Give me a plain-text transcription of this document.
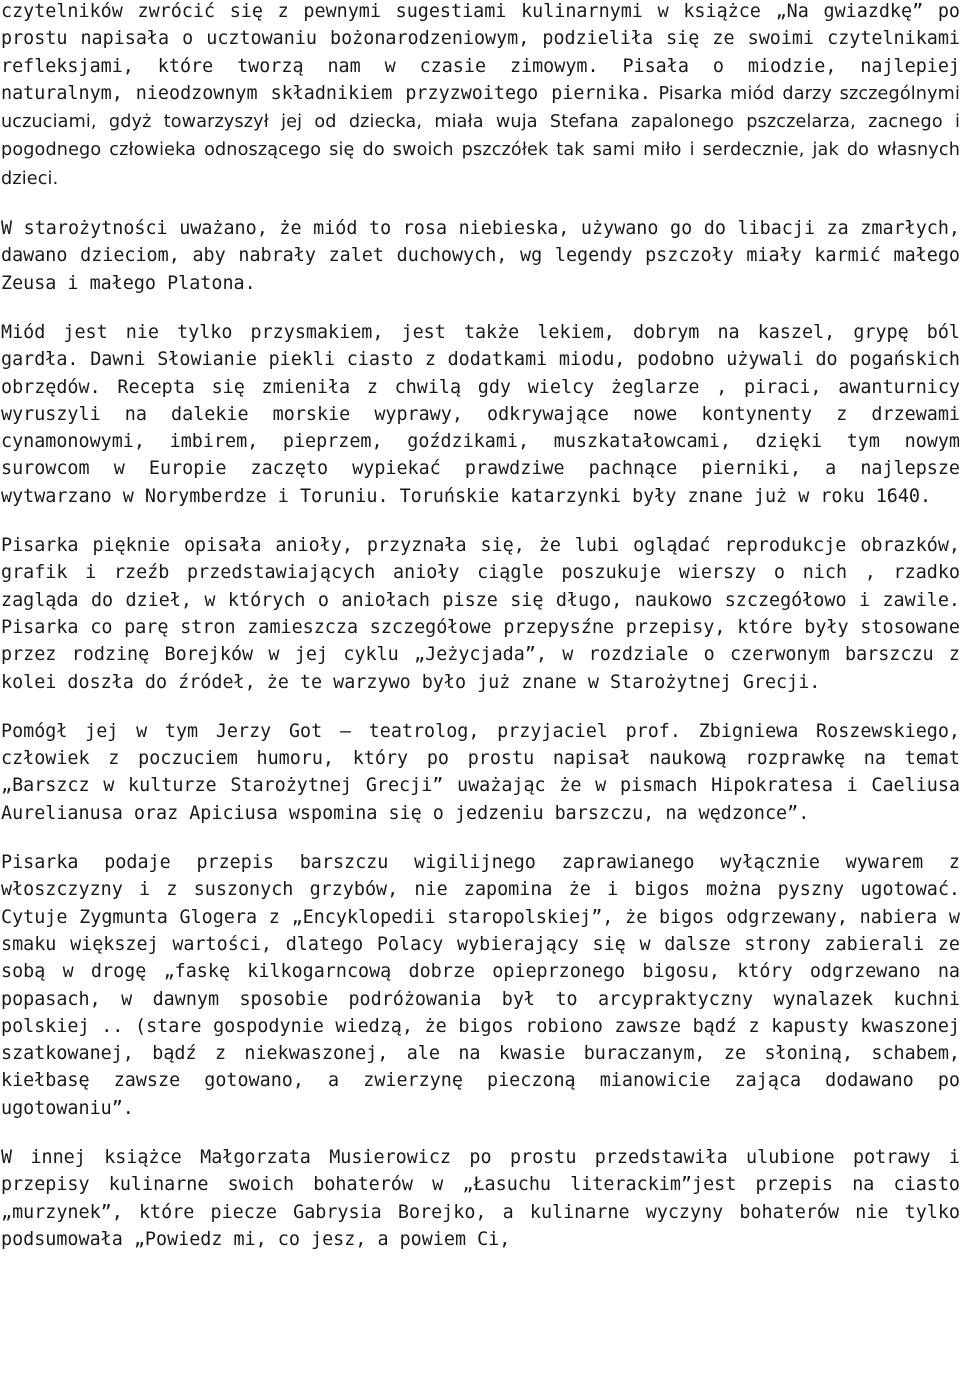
czytelników zwrócić się z pewnymi sugestiami kulinarnymi w książce „Na gwiazdkę” po prostu napisała o ucztowaniu bożonarodzeniowym, podzieliła się ze swoimi czytelnikami refleksjami, które tworzą nam w czasie zimowym. Pisała o miodzie, najlepiej naturalnym, nieodzownym składnikiem przyzwoitego piernika. Pisarka miód darzy szczególnymi uczuciami, gdyż towarzyszył jej od dziecka, miała wuja Stefana zapalonego pszczelarza, zacnego i pogodnego człowieka odnoszącego się do swoich pszczółek tak sami miło i serdecznie, jak do własnych dzieci.

W starożytności uważano, że miód to rosa niebieska, używano go do libacji za zmarłych, dawano dzieciom, aby nabrały zalet duchowych, wg legendy pszczoły miały karmić małego Zeusa i małego Platona.

Miód jest nie tylko przysmakiem, jest także lekiem, dobrym na kaszel, grypę ból gardła. Dawni Słowianie piekli ciasto z dodatkami miodu, podobno używali do pogańskich obrzędów. Recepta się zmieniła z chwilą gdy wielcy żeglarze , piraci, awanturnicy wyruszyli na dalekie morskie wyprawy, odkrywające nowe kontynenty z drzewami cynamonowymi, imbirem, pieprzem, goździkami, muszkatałowcami, dzięki tym nowym surowcom w Europie zaczęto wypiekać prawdziwe pachnące pierniki, a najlepsze wytwarzano w Norymberdze i Toruniu. Toruńskie katarzynki były znane już w roku 1640.

Pisarka pięknie opisała anioły, przyznała się, że lubi oglądać reprodukcje obrazków, grafik i rzeźb przedstawiających anioły ciągle poszukuje wierszy o nich , rzadko zagląda do dzieł, w których o aniołach pisze się długo, naukowo szczegółowo i zawile. Pisarka co parę stron zamieszcza szczegółowe przepysźne przepisy, które były stosowane przez rodzinę Borejków w jej cyklu „Jeżycjada”, w rozdziale o czerwonym barszczu z kolei doszła do źródeł, że te warzywo było już znane w Starożytnej Grecji.

Pomógł jej w tym Jerzy Got – teatrolog, przyjaciel prof. Zbigniewa Roszewskiego, człowiek z poczuciem humoru, który po prostu napisał naukową rozprawkę na temat „Barszcz w kulturze Starożytnej Grecji” uważając że w pismach Hipokratesa i Caeliusa Aurelianusa oraz Apiciusa wspomina się o jedzeniu barszczu, na wędzonce”.

Pisarka podaje przepis barszczu wigilijnego zaprawianego wyłącznie wywarem z włoszczyzny i z suszonych grzybów, nie zapomina że i bigos można pyszny ugotować. Cytuje Zygmunta Glogera z „Encyklopedii staropolskiej”, że bigos odgrzewany, nabiera w smaku większej wartości, dlatego Polacy wybierający się w dalsze strony zabierali ze sobą w drogę „faskę kilkogarncową dobrze opieprzonego bigosu, który odgrzewano na popasach, w dawnym sposobie podróżowania był to arcypraktyczny wynalazek kuchni polskiej .. (stare gospodynie wiedzą, że bigos robiono zawsze bądź z kapusty kwaszonej szatkowanej, bądź z niekwaszonej, ale na kwasie buraczanym, ze słoniną, schabem, kiełbasę zawsze gotowano, a zwierzynę pieczoną mianowicie zająca dodawano po ugotowaniu”.

W innej książce Małgorzata Musierowicz po prostu przedstawiła ulubione potrawy i przepisy kulinarne swoich bohaterów w „Łasuchu literackim”jest przepis na ciasto „murzynek”, które piecze Gabrysia Borejko, a kulinarne wyczyny bohaterów nie tylko podsumowała „Powiedz mi, co jesz, a powiem Ci,
